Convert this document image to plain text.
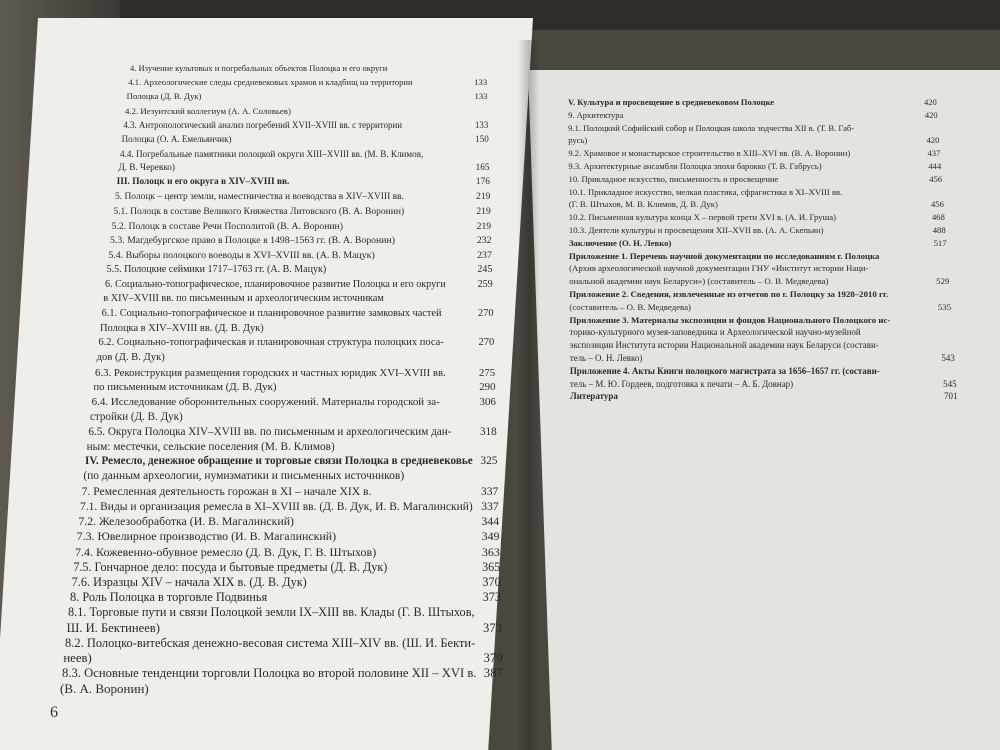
4. Изучение культовых и погребальных объектов Полоцка и его округи
4.1. Археологические следы средневековых храмов и кладбищ на территории	133
Полоцка (Д. В. Дук)	133
4.2. Иезуитский коллегиум (А. А. Соловьев)
4.3. Антропологический анализ погребений XVII–XVIII вв. с территории	133
Полоцка (О. А. Емельянчик)	150
4.4. Погребальные памятники полоцкой округи XIII–XVIII вв. (М. В. Климов,
Д. В. Черевко)	165
III. Полоцк и его округа в XIV–XVIII вв.	176
5. Полоцк – центр земли, наместничества и воеводства в XIV–XVIII вв.	219
5.1. Полоцк в составе Великого Княжества Литовского (В. А. Воронин)	219
5.2. Полоцк в составе Речи Посполитой (В. А. Воронин)	219
5.3. Магдебургское право в Полоцке в 1498–1563 гг. (В. А. Воронин)	232
5.4. Выборы полоцкого воеводы в XVI–XVIII вв. (А. В. Мацук)	237
5.5. Полоцкие сеймики 1717–1763 гг. (А. В. Мацук)	245
6. Социально-топографическое, планировочное развитие Полоцка и его округи	259
в XIV–XVIII вв. по письменным и археологическим источникам
6.1. Социально-топографическое и планировочное развитие замковых частей	270
Полоцка в XIV–XVIII вв. (Д. В. Дук)
6.2. Социально-топографическая и планировочная структура полоцких поса-	270
дов (Д. В. Дук)
6.3. Реконструкция размещения городских и частных юридик XVI–XVIII вв.	275
по письменным источникам (Д. В. Дук)	290
6.4. Исследование оборонительных сооружений. Материалы городской за-	306
стройки (Д. В. Дук)
6.5. Округа Полоцка XIV–XVIII вв. по письменным и археологическим дан-	318
ным: местечки, сельские поселения (М. В. Климов)
IV. Ремесло, денежное обращение и торговые связи Полоцка в средневековье 325
(по данным археологии, нумизматики и письменных источников)
7. Ремесленная деятельность горожан в XI – начале XIX в.	337
7.1. Виды и организация ремесла в XI–XVIII вв. (Д. В. Дук, И. В. Магалинский) 337
7.2. Железообработка (И. В. Магалинский)	344
7.3. Ювелирное производство (И. В. Магалинский)	349
7.4. Кожевенно-обувное ремесло (Д. В. Дук, Г. В. Штыхов)	363
7.5. Гончарное дело: посуда и бытовые предметы (Д. В. Дук)	365
7.6. Изразцы XIV – начала XIX в. (Д. В. Дук)	370
8. Роль Полоцка в торговле Подвинья	373
8.1. Торговые пути и связи Полоцкой земли IX–XIII вв. Клады (Г. В. Штыхов,
Ш. И. Бектинеев)	373
8.2. Полоцко-витебская денежно-весовая система XIII–XIV вв. (Ш. И. Бекти-
неев)	379
8.3. Основные тенденции торговли Полоцка во второй половине XII – XVI в. 387
(В. А. Воронин)
V. Культура и просвещение в средневековом Полоцке	420
9. Архитектура	420
9.1. Полоцкий Софийский собор и Полоцкая школа зодчества XII в. (Т. В. Габ-
русь)	420
9.2. Храмовое и монастырское строительство в XIII–XVI вв. (В. А. Воронин)	437
9.3. Архитектурные ансамбли Полоцка эпохи барокко (Т. В. Габрусь)	444
10. Прикладное искусство, письменность и просвещение	456
10.1. Прикладное искусство, мелкая пластика, сфрагистика в XI–XVIII вв.
(Г. В. Штыхов, М. В. Климов, Д. В. Дук)	456
10.2. Письменная культура конца X – первой трети XVI в. (А. И. Груша)	468
10.3. Деятели культуры и просвещения XII–XVII вв. (А. А. Скепьян)	488
Заключение (О. Н. Левко)	517
Приложение 1. Перечень научной документации по исследованиям г. Полоцка
(Архив археологической научной документации ГНУ «Институт истории Наци-
ональной академии наук Беларуси») (составитель – О. В. Медведева)	529
Приложение 2. Сведения, извлеченные из отчетов по г. Полоцку за 1928–2010 гг.
(составитель – О. В. Медведева)	535
Приложение 3. Материалы экспозиции и фондов Национального Полоцкого ис-
торико-культурного музея-заповедника и Археологической научно-музейной
экспозиции Института истории Национальной академии наук Беларуси (состави-
тель – О. Н. Левко)	543
Приложение 4. Акты Книги полоцкого магистрата за 1656–1657 гг. (состави-
тель – М. Ю. Гордеев, подготовка к печати – А. Б. Довнар)	545
Литература	701
6
